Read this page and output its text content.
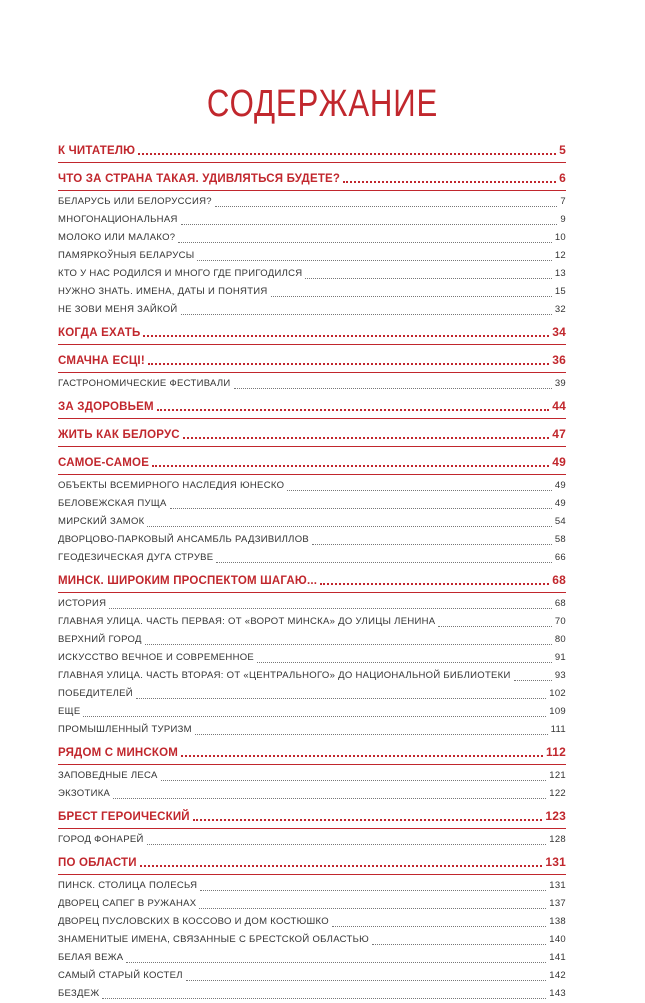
СОДЕРЖАНИЕ
К ЧИТАТЕЛЮ	5
ЧТО ЗА СТРАНА ТАКАЯ. УДИВЛЯТЬСЯ БУДЕТЕ?	6
БЕЛАРУСЬ ИЛИ БЕЛОРУССИЯ?	7
МНОГОНАЦИОНАЛЬНАЯ	9
МОЛОКО ИЛИ МАЛАКО?	10
ПАМЯРКОЎНЫЯ БЕЛАРУСЫ	12
КТО У НАС РОДИЛСЯ И МНОГО ГДЕ ПРИГОДИЛСЯ	13
НУЖНО ЗНАТЬ. ИМЕНА, ДАТЫ И ПОНЯТИЯ	15
НЕ ЗОВИ МЕНЯ ЗАЙКОЙ	32
КОГДА ЕХАТЬ	34
СМАЧНА ЕСЦІ!	36
ГАСТРОНОМИЧЕСКИЕ ФЕСТИВАЛИ	39
ЗА ЗДОРОВЬЕМ	44
ЖИТЬ КАК БЕЛОРУС	47
САМОЕ-САМОЕ	49
ОБЪЕКТЫ ВСЕМИРНОГО НАСЛЕДИЯ ЮНЕСКО	49
БЕЛОВЕЖСКАЯ ПУЩА	49
МИРСКИЙ ЗАМОК	54
ДВОРЦОВО-ПАРКОВЫЙ АНСАМБЛЬ РАДЗИВИЛЛОВ	58
ГЕОДЕЗИЧЕСКАЯ ДУГА СТРУВЕ	66
МИНСК. ШИРОКИМ ПРОСПЕКТОМ ШАГАЮ...	68
ИСТОРИЯ	68
ГЛАВНАЯ УЛИЦА. ЧАСТЬ ПЕРВАЯ: ОТ «ВОРОТ МИНСКА» ДО УЛИЦЫ ЛЕНИНА	70
ВЕРХНИЙ ГОРОД	80
ИСКУССТВО ВЕЧНОЕ И СОВРЕМЕННОЕ	91
ГЛАВНАЯ УЛИЦА. ЧАСТЬ ВТОРАЯ: ОТ «ЦЕНТРАЛЬНОГО» ДО НАЦИОНАЛЬНОЙ БИБЛИОТЕКИ	93
ПОБЕДИТЕЛЕЙ	102
ЕЩЕ	109
ПРОМЫШЛЕННЫЙ ТУРИЗМ	111
РЯДОМ С МИНСКОМ	112
ЗАПОВЕДНЫЕ ЛЕСА	121
ЭКЗОТИКА	122
БРЕСТ ГЕРОИЧЕСКИЙ	123
ГОРОД ФОНАРЕЙ	128
ПО ОБЛАСТИ	131
ПИНСК. СТОЛИЦА ПОЛЕСЬЯ	131
ДВОРЕЦ САПЕГ В РУЖАНАХ	137
ДВОРЕЦ ПУСЛОВСКИХ В КОССОВО И ДОМ КОСТЮШКО	138
ЗНАМЕНИТЫЕ ИМЕНА, СВЯЗАННЫЕ С БРЕСТСКОЙ ОБЛАСТЬЮ	140
БЕЛАЯ ВЕЖА	141
САМЫЙ СТАРЫЙ КОСТЕЛ	142
БЕЗДЕЖ	143
